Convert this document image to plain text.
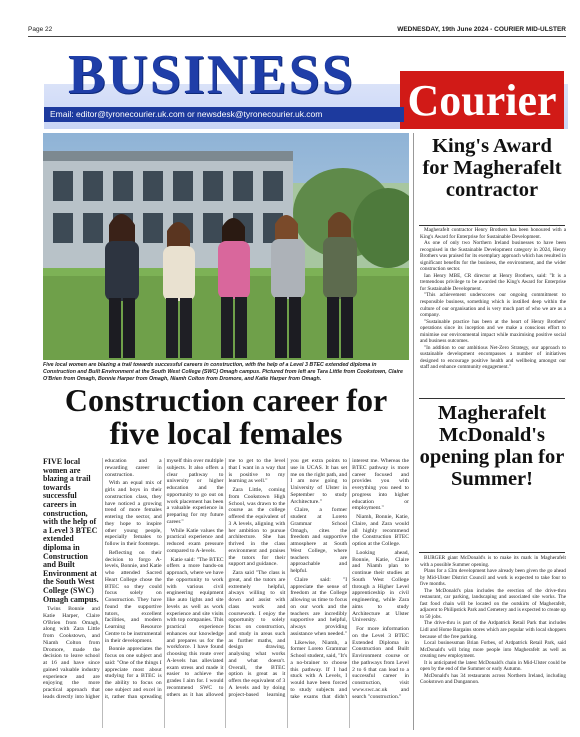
Page 22	WEDNESDAY, 19th June 2024 - COURIER MID-ULSTER
BUSINESS Courier
Email: editor@tyronecourier.uk.com or newsdesk@tyronecourier.uk.com
Five local women are blazing a trail towards successful careers in construction, with the help of a Level 3 BTEC extended diploma in Construction and Built Environment at the South West College (SWC) Omagh campus. Pictured from left are Tara Little from Cookstown, Claire O'Brien from Omagh, Bonnie Harper from Omagh, Niamh Colton from Dromore, and Katie Harper from Omagh.
Construction career for five local females

FIVE local women are blazing a trail towards successful careers in construction, with the help of a Level 3 BTEC extended diploma in Construction and Built Environment at the South West College (SWC) Omagh campus.

Twins Bonnie and Katie Harper, Claire O'Brien from Omagh, along with Zara Little from Cookstown, and Niamh Colton from Dromore, made the decision to leave school at 16 and have since gained valuable industry experience and are enjoying the more practical approach that leads directly into higher education and a rewarding career in construction.

With an equal mix of girls and boys in their construction class, they have noticed a growing trend of more females entering the sector, and they hope to inspire other young people, especially females to follow in their footsteps.

Reflecting on their decision to forgo A-levels, Bonnie, and Katie who attended Sacred Heart College chose the BTEC so they could focus solely on Construction. They have found the supportive tutors, excellent facilities, and modern Learning Resource Centre to be instrumental in their development.

Bonnie appreciates the focus on one subject and said: "One of the things I appreciate most about studying for a BTEC is the ability to focus on one subject and excel in it, rather than spreading myself thin over multiple subjects. It also offers a clear pathway to university or higher education and the opportunity to go out on work placement has been a valuable experience in preparing for my future career."

While Katie values the practical experience and reduced exam pressure compared to A-levels.

Katie said: "The BTEC offers a more hands-on approach, where we have the opportunity to work with various civil engineering equipment like auto lights and site levels as well as work experience and site visits with top companies. This practical experience enhances our knowledge and prepares us for the workforce. I have found choosing this route over A-levels has alleviated exam stress and made it easier to achieve the grades I aim for. I would recommend SWC to others as it has allowed me to get to the level that I want in a way that is positive to my learning as well."

Zara Little, coming from Cookstown High School, was drawn to the course as the college offered the equivalent of 3 A levels, aligning with her ambition to pursue architecture. She has thrived in the class environment and praises the tutors for their support and guidance.

Zara said "The class is great, and the tutors are extremely helpful, always willing to sit down and assist with class work and coursework. I enjoy the opportunity to solely focus on construction, and study in areas such as further maths, and design drawing, analysing what works and what doesn't. Overall, the BTEC option is great as it offers the equivalent of 3 A levels and by doing project-based learning you get extra points to use in UCAS. It has set me on the right path, and I am now going to University of Ulster in September to study Architecture."

Claire, a former student at Loreto Grammar School Omagh, cites the freedom and supportive atmosphere at South West College, where teachers are approachable and helpful.

Claire said: "I appreciate the sense of freedom at the College allowing us time to focus on our work and the teachers are incredibly supportive and helpful, always providing assistance when needed."

Likewise, Niamh, a former Loreto Grammar School student, said, "It's a no-brainer to choose this pathway. If I had stuck with A Levels, I would have been forced to study subjects and take exams that didn't interest me. Whereas the BTEC pathway is more career focused and provides you with everything you need to progress into higher education or employment."

Niamh, Bonnie, Katie, Claire, and Zara would all highly recommend the Construction BTEC option at the College.

Looking ahead, Bonnie, Katie, Claire and Niamh plan to continue their studies at South West College through a Higher Level apprenticeship in civil engineering, while Zara aims to study Architecture at Ulster University.

For more information on the Level 3 BTEC Extended Diploma in Construction and Built Environment course or the pathways from Level 2 to 6 that can lead to a successful career in construction, visit www.swc.ac.uk and search "construction."

King's Award for Magherafelt contractor

Magherafelt contractor Henry Brothers has been honoured with a King's Award for Enterprise for Sustainable Development.

As one of only two Northern Ireland businesses to have been recognised in the Sustainable Development category in 2024, Henry Brothers was praised for its exemplary approach which has resulted in significant benefits for the business, the environment, and the wider construction sector.

Ian Henry MBE, CR director at Henry Brothers, said: "It is a tremendous privilege to be awarded the King's Award for Enterprise for Sustainable Development.

"This achievement underscores our ongoing commitment to responsible business, something which is instilled deep within the culture of our organisation and is very much part of who we are as a company.

"Sustainable practice has been at the heart of Henry Brothers' operations since its inception and we make a conscious effort to minimise our environmental impact while maximising positive social and business outcomes.

"In addition to our ambitious Net-Zero Strategy, our approach to sustainable development encompasses a number of initiatives designed to encourage positive health and wellbeing amongst our staff and enhance community engagement."

Magherafelt McDonald's opening plan for Summer!

BURGER giant McDonald's is to make its mark in Magherafelt with a possible Summer opening.

Plans for a £3m development have already been given the go ahead by Mid-Ulster District Council and work is expected to take four to five months.

The McDonald's plan includes the erection of the drive-thru restaurant, car parking, landscaping and associated site works. The fast food chain will be located on the outskirts of Magherafelt, adjacent to Philipstick Park and Cemetery and is expected to create up to 50 jobs.

The drive-thru is part of the Ardpatrick Retail Park that includes Lidl and Home Bargains stores which are popular with local shoppers because of the free parking.

Local businessman Brian Forbes, of Ardpatrick Retail Park, said McDonald's will bring more people into Magherafelt as well as creating new employment.

It is anticipated the latest McDonald's chain in Mid-Ulster could be open by the end of the Summer or early Autumn.

McDonald's has 34 restaurants across Northern Ireland, including Cookstown and Dungannon.
